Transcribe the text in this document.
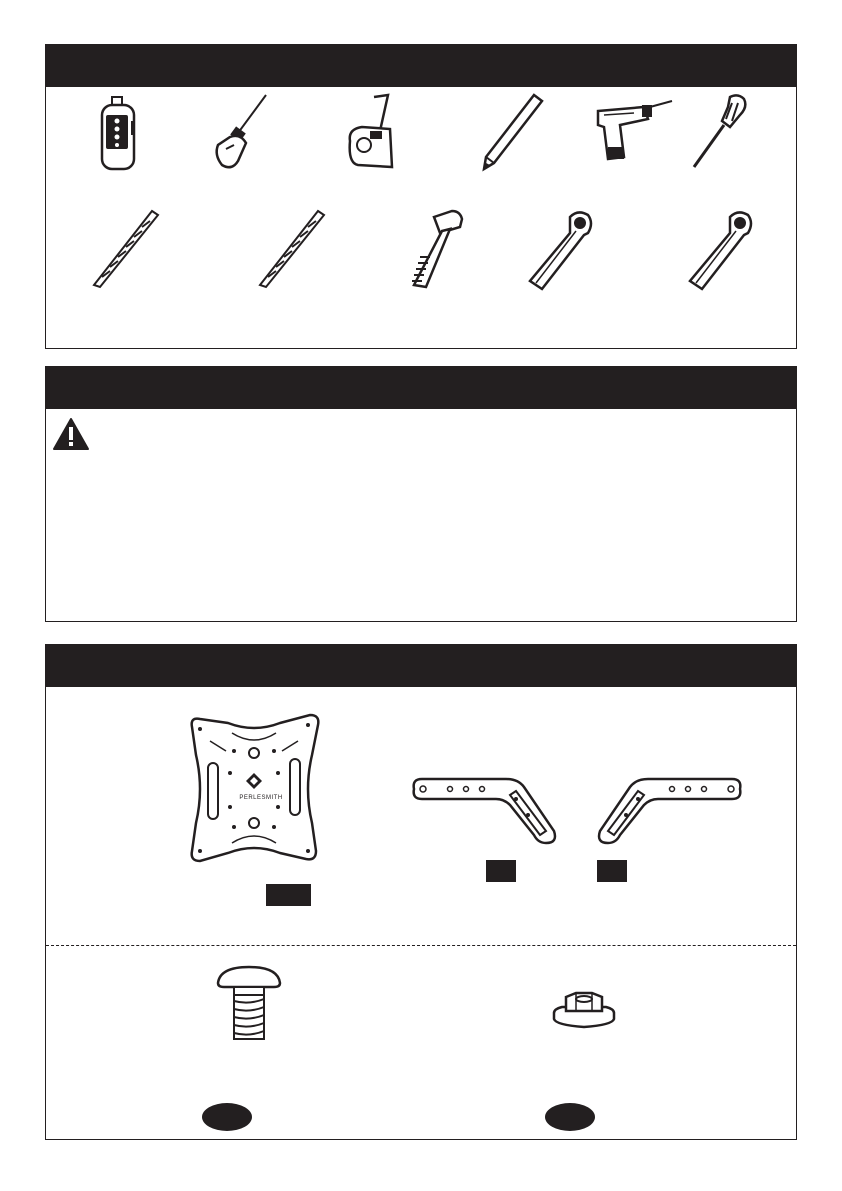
PERLESMITH
